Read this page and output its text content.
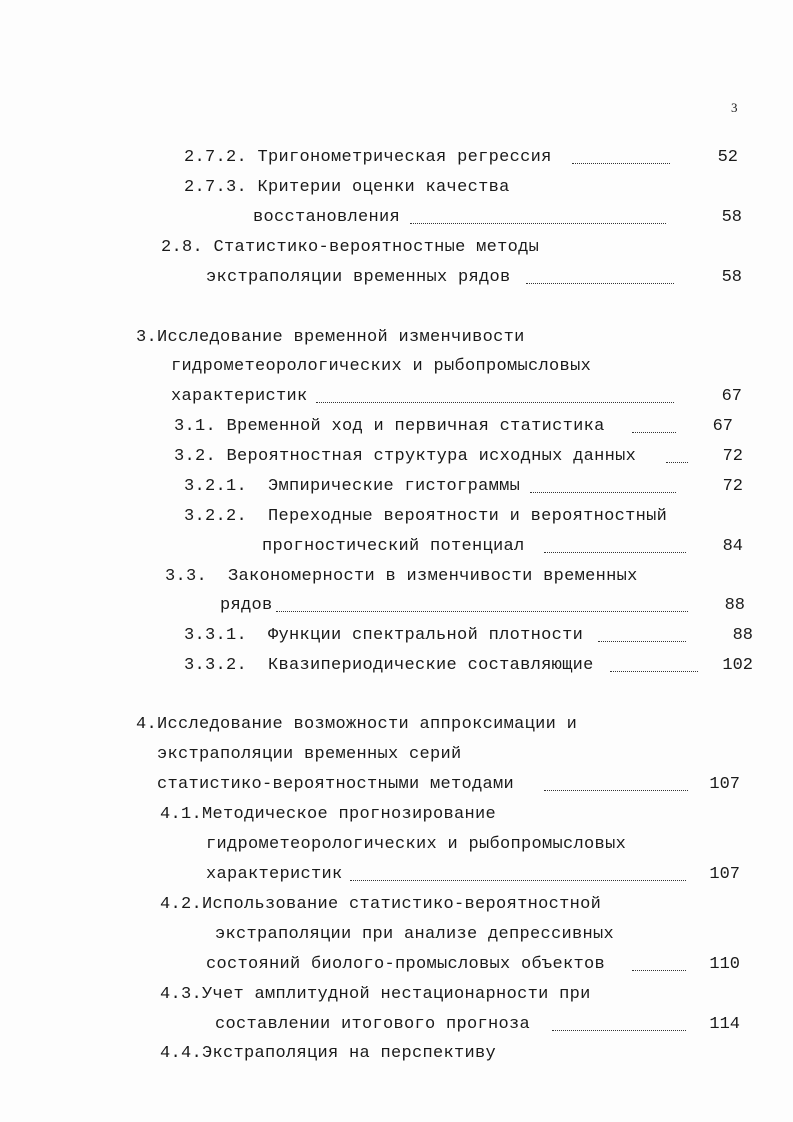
3
2.7.2. Тригонометрическая регрессия	52
2.7.3. Критерии оценки качества
восстановления	58
2.8. Статистико-вероятностные методы
экстраполяции временных рядов	58
3.Исследование временной изменчивости
гидрометеорологических и рыбопромысловых
характеристик	67
3.1. Временной ход и первичная статистика	67
3.2. Вероятностная структура исходных данных	72
3.2.1. Эмпирические гистограммы	72
3.2.2. Переходные вероятности и вероятностный
прогностический потенциал	84
3.3. Закономерности в изменчивости временных
рядов	88
3.3.1. Функции спектральной плотности	88
3.3.2. Квазипериодические составляющие	102
4.Исследование возможности аппроксимации и
экстраполяции временных серий
статистико-вероятностными методами	107
4.1.Методическое прогнозирование
гидрометеорологических и рыбопромысловых
характеристик	107
4.2.Использование статистико-вероятностной
экстраполяции при анализе депрессивных
состояний биолого-промысловых объектов	110
4.3.Учет амплитудной нестационарности при
составлении итогового прогноза	114
4.4.Экстраполяция на перспективу
